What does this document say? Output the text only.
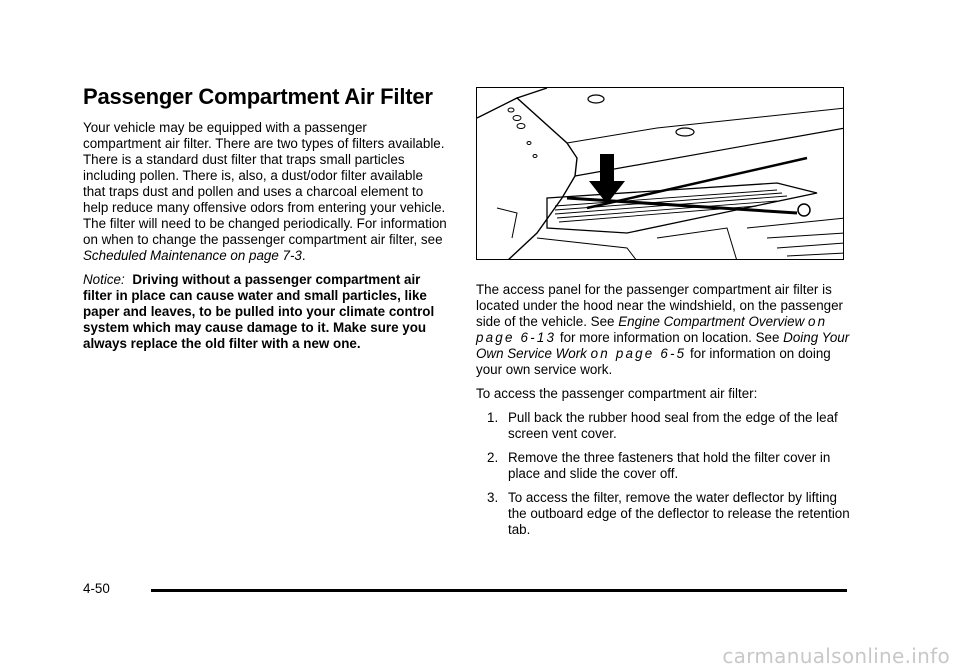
Passenger Compartment Air Filter

Your vehicle may be equipped with a passenger compartment air filter. There are two types of filters available. There is a standard dust filter that traps small particles including pollen. There is, also, a dust/odor filter available that traps dust and pollen and uses a charcoal element to help reduce many offensive odors from entering your vehicle. The filter will need to be changed periodically. For information on when to change the passenger compartment air filter, see Scheduled Maintenance on page 7-3.

Notice: Driving without a passenger compartment air filter in place can cause water and small particles, like paper and leaves, to be pulled into your climate control system which may cause damage to it. Make sure you always replace the old filter with a new one.

The access panel for the passenger compartment air filter is located under the hood near the windshield, on the passenger side of the vehicle. See Engine Compartment Overview on page 6-13 for more information on location. See Doing Your Own Service Work on page 6-5 for information on doing your own service work.

To access the passenger compartment air filter:

1. Pull back the rubber hood seal from the edge of the leaf screen vent cover.
2. Remove the three fasteners that hold the filter cover in place and slide the cover off.
3. To access the filter, remove the water deflector by lifting the outboard edge of the deflector to release the retention tab.
4-50
carmanualsonline.info
